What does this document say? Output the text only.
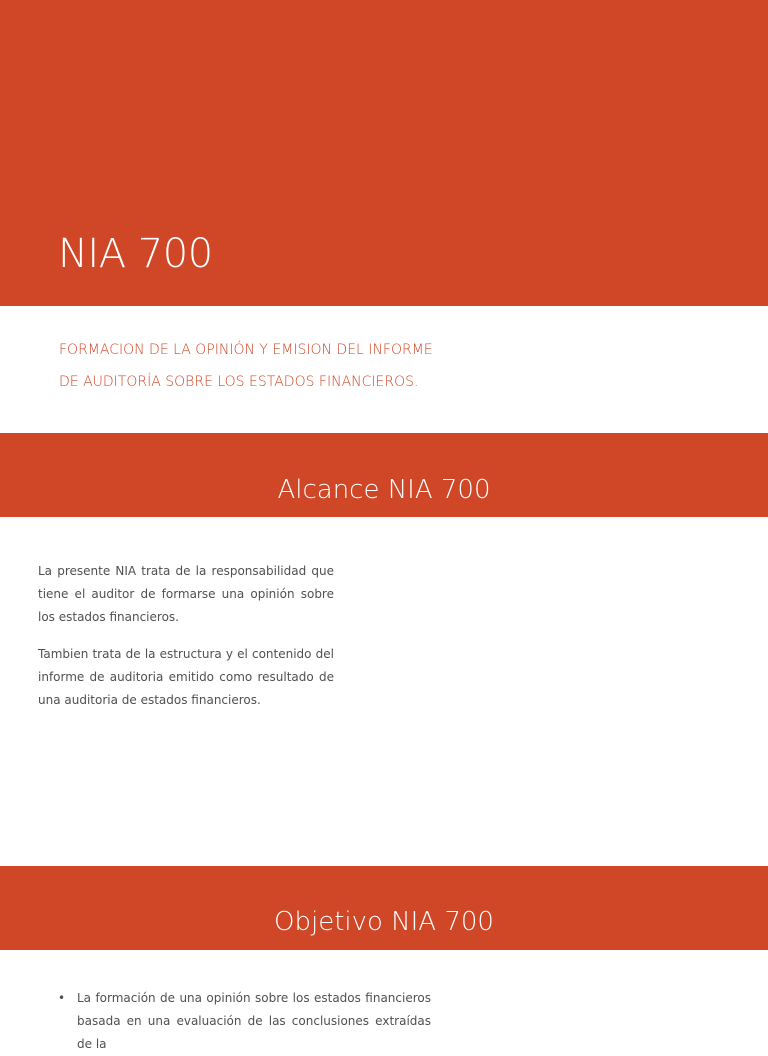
NIA 700
FORMACION DE LA OPINIÓN Y EMISION DEL INFORME
DE AUDITORÍA SOBRE LOS ESTADOS FINANCIEROS.
Alcance NIA 700

La presente NIA trata de la responsabilidad que tiene el auditor de formarse una opinión sobre los estados financieros.

Tambien trata de la estructura y el contenido del informe de auditoria emitido como resultado de una auditoria de estados financieros.

Objetivo NIA 700
• La formación de una opinión sobre los estados financieros basada en una evaluación de las conclusiones extraídas de la
